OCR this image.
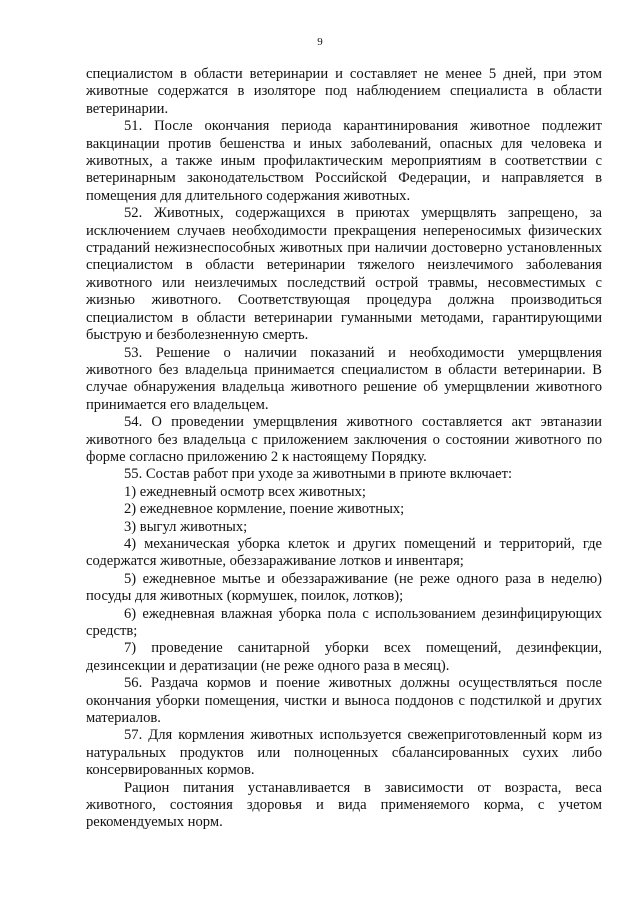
9

специалистом в области ветеринарии и составляет не менее 5 дней, при этом животные содержатся в изоляторе под наблюдением специалиста в области ветеринарии.

51. После окончания периода карантинирования животное подлежит вакцинации против бешенства и иных заболеваний, опасных для человека и животных, а также иным профилактическим мероприятиям в соответствии с ветеринарным законодательством Российской Федерации, и направляется в помещения для длительного содержания животных.

52. Животных, содержащихся в приютах умерщвлять запрещено, за исключением случаев необходимости прекращения непереносимых физических страданий нежизнеспособных животных при наличии достоверно установленных специалистом в области ветеринарии тяжелого неизлечимого заболевания животного или неизлечимых последствий острой травмы, несовместимых с жизнью животного. Соответствующая процедура должна производиться специалистом в области ветеринарии гуманными методами, гарантирующими быструю и безболезненную смерть.

53. Решение о наличии показаний и необходимости умерщвления животного без владельца принимается специалистом в области ветеринарии. В случае обнаружения владельца животного решение об умерщвлении животного принимается его владельцем.

54. О проведении умерщвления животного составляется акт эвтаназии животного без владельца с приложением заключения о состоянии животного по форме согласно приложению 2 к настоящему Порядку.

55. Состав работ при уходе за животными в приюте включает:

1) ежедневный осмотр всех животных;

2) ежедневное кормление, поение животных;

3) выгул животных;

4) механическая уборка клеток и других помещений и территорий, где содержатся животные, обеззараживание лотков и инвентаря;

5) ежедневное мытье и обеззараживание (не реже одного раза в неделю) посуды для животных (кормушек, поилок, лотков);

6) ежедневная влажная уборка пола с использованием дезинфицирующих средств;

7) проведение санитарной уборки всех помещений, дезинфекции, дезинсекции и дератизации (не реже одного раза в месяц).

56. Раздача кормов и поение животных должны осуществляться после окончания уборки помещения, чистки и выноса поддонов с подстилкой и других материалов.

57. Для кормления животных используется свежеприготовленный корм из натуральных продуктов или полноценных сбалансированных сухих либо консервированных кормов.

Рацион питания устанавливается в зависимости от возраста, веса животного, состояния здоровья и вида применяемого корма, с учетом рекомендуемых норм.
